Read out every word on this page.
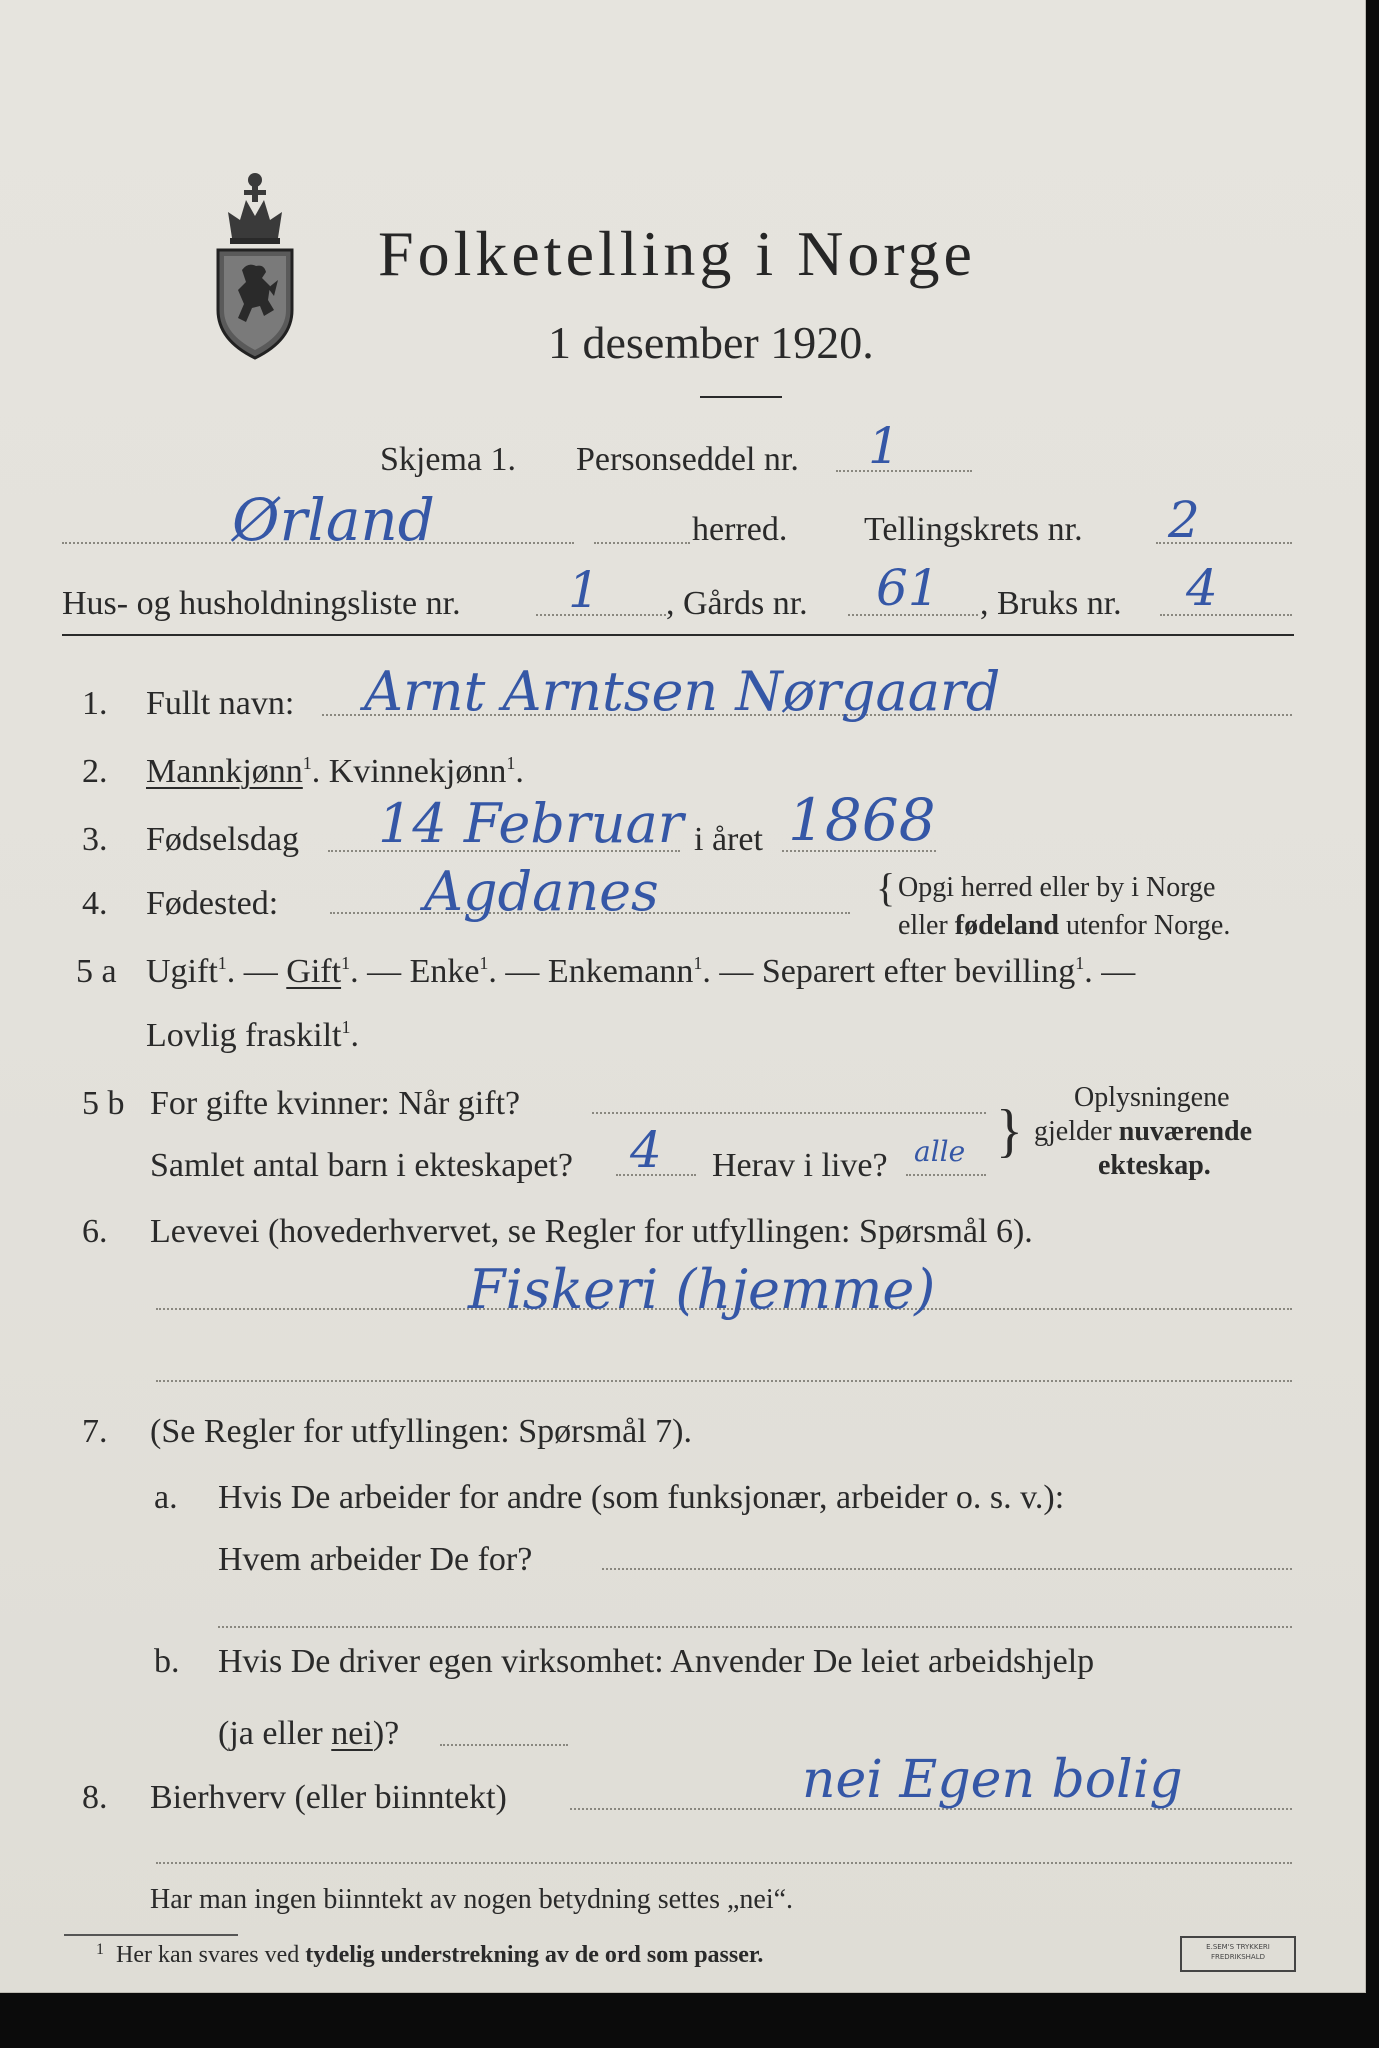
Folketelling i Norge
1 desember 1920.
Skjema 1. Personseddel nr. 1
Ørland	herred. Tellingskrets nr. 2
Hus- og husholdningsliste nr. 1 , Gårds nr. 61 , Bruks nr. 4
1. Fullt navn: Arnt Arntsen Nørgaard
2. Mannkjønn$^1$. Kvinnekjønn$^1$.
3. Fødselsdag 14 Februar i året 1868
4. Fødested:	Agdanes	{ Opgi herred eller by i Norge
eller fødeland utenfor Norge.
5 a Ugift$^1$. — Gift$^1$. — Enke$^1$. — Enkemann$^1$. — Separert efter bevilling$^1$. —
Lovlig fraskilt$^1$.
5 b For gifte kvinner: Når gift?
Samlet antal barn i ekteskapet? 4 Herav i live? alle }
Oplysningene
gjelder nuværende
ekteskap.
6. Levevei (hovederhvervet, se Regler for utfyllingen: Spørsmål 6).
Fiskeri (hjemme)
7. (Se Regler for utfyllingen: Spørsmål 7).
a. Hvis De arbeider for andre (som funksjonær, arbeider o. s. v.):
Hvem arbeider De for?
b. Hvis De driver egen virksomhet: Anvender De leiet arbeidshjelp
(ja eller nei)?
8. Bierhverv (eller biinntekt)	nei Egen bolig
Har man ingen biinntekt av nogen betydning settes „nei“.
$^1$ Her kan svares ved tydelig understrekning av de ord som passer.	E.SEM'S TRYKKERI
FREDRIKSHALD
